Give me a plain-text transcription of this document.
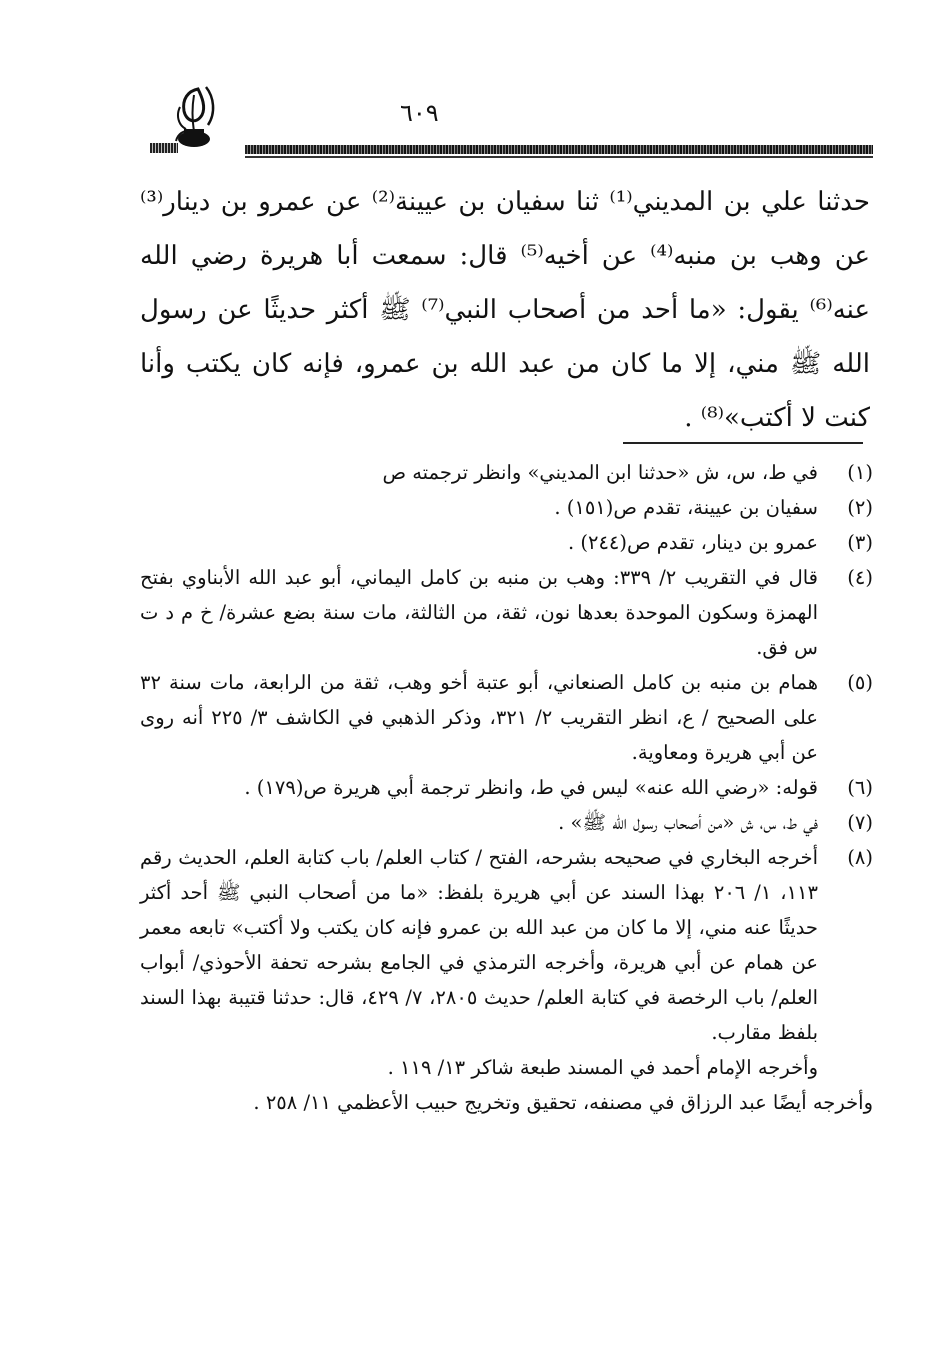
٦٠٩

حدثنا علي بن المديني⁽¹⁾ ثنا سفيان بن عيينة⁽²⁾ عن عمرو بن دينار⁽³⁾ عن وهب بن منبه⁽⁴⁾ عن أخيه⁽⁵⁾ قال: سمعت أبا هريرة رضي الله عنه⁽⁶⁾ يقول: «ما أحد من أصحاب النبي⁽⁷⁾ ﷺ أكثر حديثًا عن رسول الله ﷺ مني، إلا ما كان من عبد الله بن عمرو، فإنه كان يكتب وأنا كنت لا أكتب»⁽⁸⁾ .

(١)
في ط، س، ش «حدثنا ابن المديني» وانظر ترجمته ص

(٢)
سفيان بن عيينة، تقدم ص(١٥١) .

(٣)
عمرو بن دينار، تقدم ص(٢٤٤) .

(٤)
قال في التقريب ٢/ ٣٣٩: وهب بن منبه بن كامل اليماني، أبو عبد الله الأبناوي بفتح الهمزة وسكون الموحدة بعدها نون، ثقة، من الثالثة، مات سنة بضع عشرة/ خ م د ت س فق.

(٥)
همام بن منبه بن كامل الصنعاني، أبو عتبة أخو وهب، ثقة من الرابعة، مات سنة ٣٢ على الصحيح / ع، انظر التقريب ٢/ ٣٢١، وذكر الذهبي في الكاشف ٣/ ٢٢٥ أنه روى عن أبي هريرة ومعاوية.

(٦)
قوله: «رضي الله عنه» ليس في ط، وانظر ترجمة أبي هريرة ص(١٧٩) .

(٧)
في ط، س، ش «من أصحاب رسول الله ﷺ» .

(٨)
أخرجه البخاري في صحيحه بشرحه، الفتح / كتاب العلم/ باب كتابة العلم، الحديث رقم ١١٣، ١/ ٢٠٦ بهذا السند عن أبي هريرة بلفظ: «ما من أصحاب النبي ﷺ أحد أكثر حديثًا عنه مني، إلا ما كان من عبد الله بن عمرو فإنه كان يكتب ولا أكتب» تابعه معمر عن همام عن أبي هريرة، وأخرجه الترمذي في الجامع بشرحه تحفة الأحوذي/ أبواب العلم/ باب الرخصة في كتابة العلم/ حديث ٢٨٠٥، ٧/ ٤٢٩، قال: حدثنا قتيبة بهذا السند بلفظ مقارب.

وأخرجه الإمام أحمد في المسند طبعة شاكر ١٣/ ١١٩ .

وأخرجه أيضًا عبد الرزاق في مصنفه، تحقيق وتخريج حبيب الأعظمي ١١/ ٢٥٨ .
